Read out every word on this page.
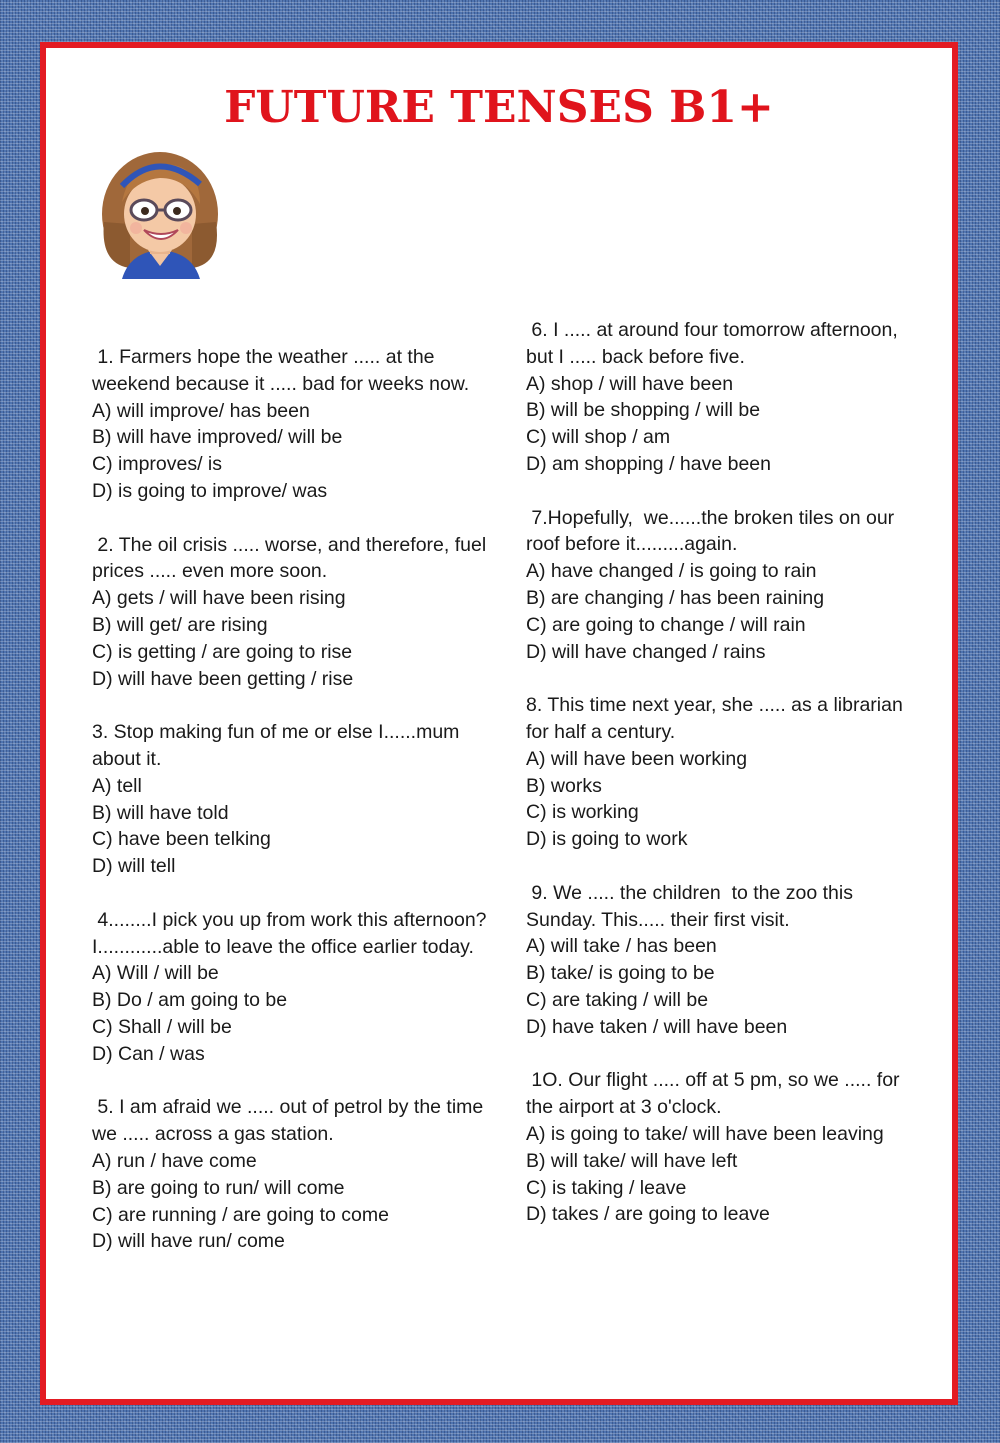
FUTURE TENSES B1+

1. Farmers hope the weather ..... at the weekend because it ..... bad for weeks now.

A) will improve/ has been
B) will have improved/ will be
C) improves/ is
D) is going to improve/ was

2. The oil crisis ..... worse, and therefore, fuel prices ..... even more soon.

A) gets / will have been rising
B) will get/ are rising
C) is getting / are going to rise
D) will have been getting / rise

3. Stop making fun of me or else I......mum about it.

A) tell
B) will have told
C) have been telking
D) will tell

4........I pick you up from work this afternoon? I............able to leave the office earlier today.

A) Will / will be
B) Do / am going to be
C) Shall / will be
D) Can / was

5. I am afraid we ..... out of petrol by the time we ..... across a gas station.

A) run / have come
B) are going to run/ will come
C) are running / are going to come
D) will have run/ come

6. I ..... at around four tomorrow afternoon, but I ..... back before five.

A) shop / will have been
B) will be shopping / will be
C) will shop / am
D) am shopping / have been

7.Hopefully,  we......the broken tiles on our roof before it.........again.

A) have changed / is going to rain
B) are changing / has been raining
C) are going to change / will rain
D) will have changed / rains

8. This time next year, she ..... as a librarian for half a century.

A) will have been working
B) works
C) is working
D) is going to work

9. We ..... the children  to the zoo this Sunday. This..... their first visit.

A) will take / has been
B) take/ is going to be
C) are taking / will be
D) have taken / will have been

1O. Our flight ..... off at 5 pm, so we ..... for the airport at 3 o'clock.

A) is going to take/ will have been leaving
B) will take/ will have left
C) is taking / leave
D) takes / are going to leave
